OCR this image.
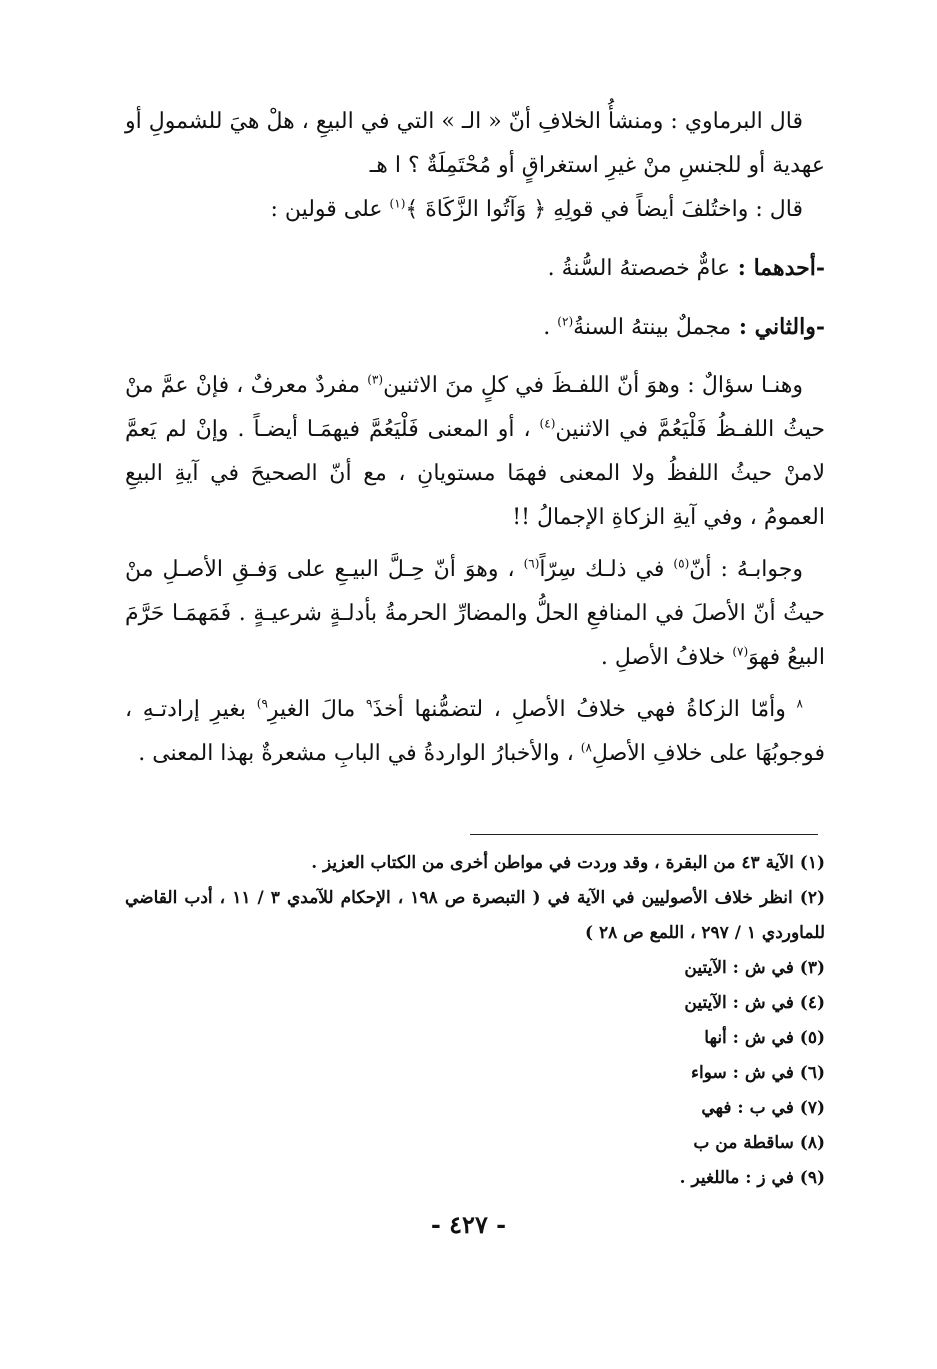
قال البرماوي : ومنشأُ الخلافِ أنّ « الـ » التي في البيعِ ، هلْ هيَ للشمولِ أو عهدية أو للجنسِ منْ غيرِ استغراقٍ أو مُحْتَمِلَةٌ ؟ ا هـ

قال : واختُلفَ أيضاً في قولِهِ ﴿ وَآتُوا الزَّكَاةَ ﴾$^{(١)}$ على قولين :

-أحدهما : عامٌّ خصصتهُ السُّنةُ .

-والثاني : مجملٌ بينتهُ السنةُ$^{(٢)}$ .

وهنـا سؤالٌ : وهوَ أنّ اللفـظَ في كلٍ منَ الاثنين$^{(٣)}$ مفردٌ معرفٌ ، فإنْ عمَّ منْ حيثُ اللفـظُ فَلْيَعُمَّ في الاثنين$^{(٤)}$ ، أو المعنى فَلْيَعُمَّ فيهمَـا أيضـاً . وإنْ لم يَعمَّ لامنْ حيثُ اللفظُ ولا المعنى فهمَا مستويانِ ، مع أنّ الصحيحَ في آيةِ البيعِ العمومُ ، وفي آيةِ الزكاةِ الإجمالُ !!

وجوابـهُ : أنّ$^{(٥)}$ في ذلـك سِرّاً$^{(٦)}$ ، وهوَ أنّ حِـلَّ البيـعِ على وَفـقِ الأصـلِ منْ حيثُ أنّ الأصلَ في المنافعِ الحلُّ والمضارِّ الحرمةُ بأدلـةٍ شرعيـةٍ . فَمَهمَـا حَرَّمَ البيعُ فهوَ$^{(٧)}$ خلافُ الأصلِ .

$^٨$ وأمّا الزكاةُ فهي خلافُ الأصلِ ، لتضمُّنها أخذَ$^٩$ مالَ الغيرِ$^{٩)}$ بغيرِ إرادتـهِ ، فوجوبُهَا على خلافِ الأصلِ$^{٨)}$ ، والأخبارُ الواردةُ في البابِ مشعرةٌ بهذا المعنى .

(١) الآية ٤٣ من البقرة ، وقد وردت في مواطن أخرى من الكتاب العزيز .

(٢) انظر خلاف الأصوليين في الآية في ( التبصرة ص ١٩٨ ، الإحكام للآمدي ٣ / ١١ ، أدب القاضي للماوردي ١ / ٢٩٧ ، اللمع ص ٢٨ )

(٣) في ش : الآيتين

(٤) في ش : الآيتين

(٥) في ش : أنها

(٦) في ش : سواء

(٧) في ب : فهي

(٨) ساقطة من ب

(٩) في ز : ماللغير .

- ٤٢٧ -
